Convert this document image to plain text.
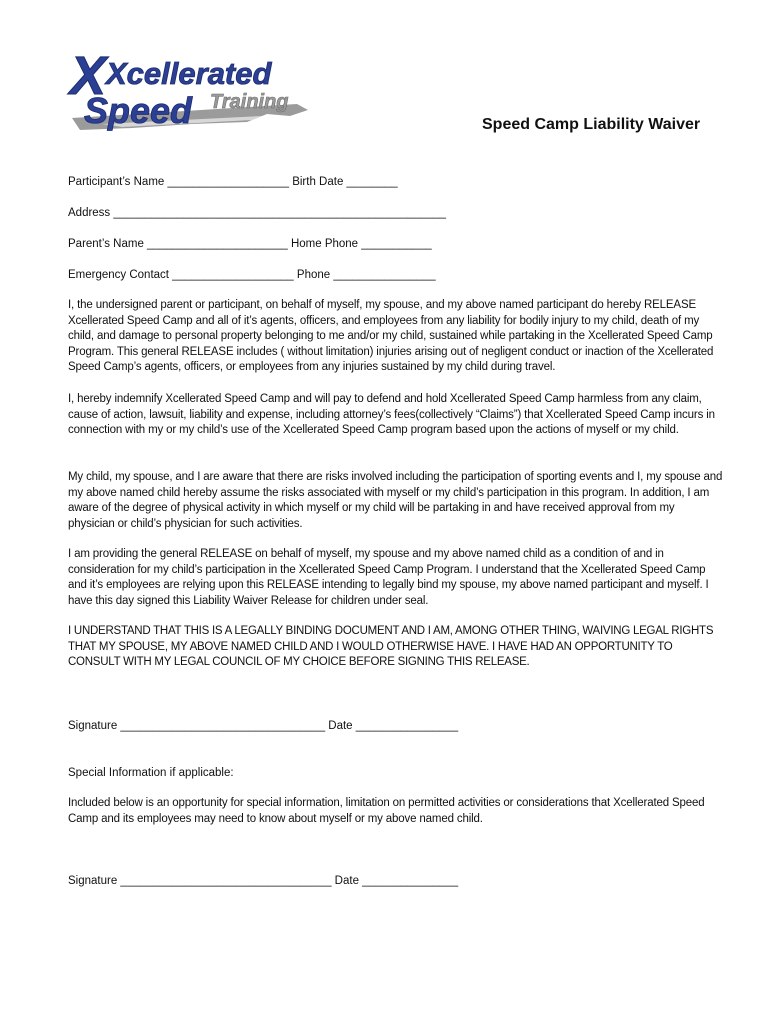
X Xcellerated
Speed Training
Speed Camp Liability Waiver
Participant’s Name ___________________ Birth Date ________
Address ____________________________________________________
Parent’s Name ______________________ Home Phone ___________
Emergency Contact ___________________ Phone ________________

I, the undersigned parent or participant, on behalf of myself, my spouse, and my above named participant do hereby RELEASE Xcellerated Speed Camp and all of it’s agents, officers, and employees from any liability for bodily injury to my child, death of my child, and damage to personal property belonging to me and/or my child, sustained while partaking in the Xcellerated Speed Camp Program. This general RELEASE includes ( without limitation) injuries arising out of negligent conduct or inaction of the Xcellerated Speed Camp’s agents, officers, or employees from any injuries sustained by my child during travel.

I, hereby indemnify Xcellerated Speed Camp and will pay to defend and hold Xcellerated Speed Camp harmless from any claim, cause of action, lawsuit, liability and expense, including attorney’s fees(collectively “Claims”) that Xcellerated Speed Camp incurs in connection with my or my child’s use of the Xcellerated Speed Camp program based upon the actions of myself or my child.

My child, my spouse, and I are aware that there are risks involved including the participation of sporting events and I, my spouse and my above named child hereby assume the risks associated with myself or my child’s participation in this program. In addition, I am aware of the degree of physical activity in which myself or my child will be partaking in and have received approval from my physician or child’s physician for such activities.

I am providing the general RELEASE on behalf of myself, my spouse and my above named child as a condition of and in consideration for my child’s participation in the Xcellerated Speed Camp Program. I understand that the Xcellerated Speed Camp and it’s employees are relying upon this RELEASE intending to legally bind my spouse, my above named participant and myself. I have this day signed this Liability Waiver Release for children under seal.

I UNDERSTAND THAT THIS IS A LEGALLY BINDING DOCUMENT AND I AM, AMONG OTHER THING, WAIVING LEGAL RIGHTS THAT MY SPOUSE, MY ABOVE NAMED CHILD AND I WOULD OTHERWISE HAVE. I HAVE HAD AN OPPORTUNITY TO CONSULT WITH MY LEGAL COUNCIL OF MY CHOICE BEFORE SIGNING THIS RELEASE.

Signature ________________________________ Date ________________
Special Information if applicable:

Included below is an opportunity for special information, limitation on permitted activities or considerations that Xcellerated Speed Camp and its employees may need to know about myself or my above named child.

Signature _________________________________ Date _______________
